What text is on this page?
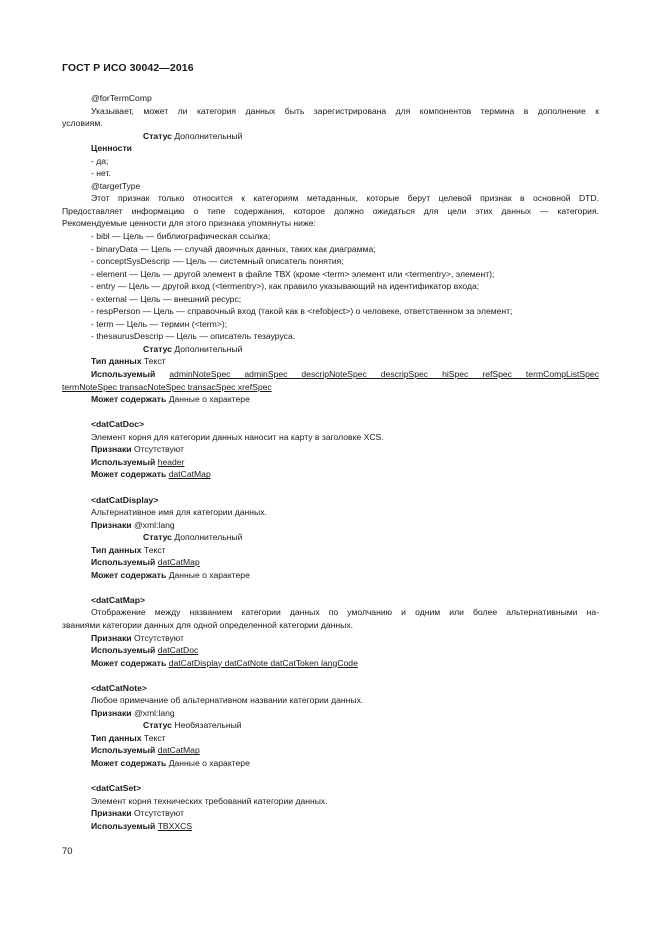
ГОСТ Р ИСО 30042—2016

@forTermComp

Указывает, может ли категория данных быть зарегистрирована для компонентов термина в дополнение к

условиям.

Статус Дополнительный

Ценности

- да;

- нет.

@targetType

Этот признак только относится к категориям метаданных, которые берут целевой признак в основной DTD.

Предоставляет информацию о типе содержания, которое должно ожидаться для цели этих данных — категория.

Рекомендуемые ценности для этого признака упомянуты ниже:

- bibl — Цель — библиографическая ссылка;

- binaryData — Цель — случай двоичных данных, таких как диаграмма;

- conceptSysDescrip -— Цель — системный описатель понятия;

- element — Цель — другой элемент в файле ТВХ (кроме <term> элемент или <termentry>, элемент);

- entry — Цель — другой вход (<termentry>), как правило указывающий на идентификатор входа;

- external — Цель — внешний ресурс;

- respPerson — Цель — справочный вход (такой как в <refobject>) о человеке, ответственном за элемент;

- term — Цель — термин (<term>);

- thesaurusDescrip — Цель — описатель тезауруса.

Статус Дополнительный

Тип данных Текст

Используемый adminNoteSpec adminSpec descripNoteSpec descripSpec hiSpec refSpec termCompListSpec

termNoteSpec transacNoteSpec transacSpec xrefSpec

Может содержать Данные о характере

<datCatDoc>

Элемент корня для категории данных наносит на карту в заголовке XCS.

Признаки Отсутствуют

Используемый header

Может содержать datCatMap

<datCatDisplay>

Альтернативное имя для категории данных.

Признаки @xml:lang

Статус Дополнительный

Тип данных Текст

Используемый datCatMap

Может содержать Данные о характере

<datCatMap>

Отображение между названием категории данных по умолчанию и одним или более альтернативными на-

званиями категории данных для одной определенной категории данных.

Признаки Отсутствуют

Используемый datCatDoc

Может содержать datCatDisplay datCatNote datCatToken langCode

<datCatNote>

Любое примечание об альтернативном названии категории данных.

Признаки @xml:lang

Статус Необязательный

Тип данных Текст

Используемый datCatMap

Может содержать Данные о характере

<datCatSet>

Элемент корня технических требований категории данных.

Признаки Отсутствуют

Используемый TBXXCS

70
